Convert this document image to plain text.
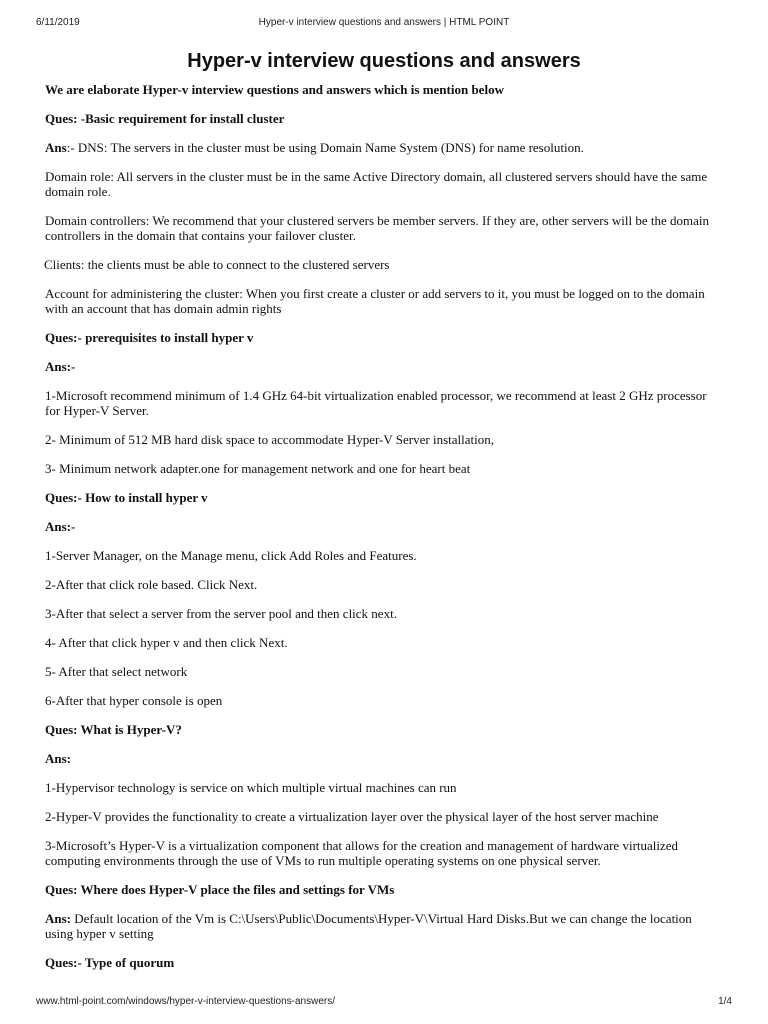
6/11/2019	Hyper-v interview questions and answers | HTML POINT
Hyper-v interview questions and answers

We are elaborate Hyper-v interview questions and answers which is mention below

Ques: -Basic requirement for install cluster

Ans:- DNS: The servers in the cluster must be using Domain Name System (DNS) for name resolution.

Domain role: All servers in the cluster must be in the same Active Directory domain, all clustered servers should have the same domain role.

Domain controllers: We recommend that your clustered servers be member servers. If they are, other servers will be the domain controllers in the domain that contains your failover cluster.

Clients: the clients must be able to connect to the clustered servers

Account for administering the cluster: When you first create a cluster or add servers to it, you must be logged on to the domain with an account that has domain admin rights

Ques:- prerequisites to install hyper v

Ans:-

1-Microsoft recommend minimum of 1.4 GHz 64-bit virtualization enabled processor, we recommend at least 2 GHz processor for Hyper-V Server.

2- Minimum of 512 MB hard disk space to accommodate Hyper-V Server installation,

3- Minimum network adapter.one for management network and one for heart beat

Ques:- How to install hyper v

Ans:-

1-Server Manager, on the Manage menu, click Add Roles and Features.

2-After that click role based. Click Next.

3-After that select a server from the server pool and then click next.

4- After that click hyper v and then click Next.

5- After that select network

6-After that hyper console is open

Ques: What is Hyper-V?

Ans:

1-Hypervisor technology is service on which multiple virtual machines can run

2-Hyper-V provides the functionality to create a virtualization layer over the physical layer of the host server machine

3-Microsoft’s Hyper-V is a virtualization component that allows for the creation and management of hardware virtualized computing environments through the use of VMs to run multiple operating systems on one physical server.

Ques: Where does Hyper-V place the files and settings for VMs

Ans: Default location of the Vm is C:\Users\Public\Documents\Hyper-V\Virtual Hard Disks.But we can change the location using hyper v setting

Ques:- Type of quorum

www.html-point.com/windows/hyper-v-interview-questions-answers/	1/4
